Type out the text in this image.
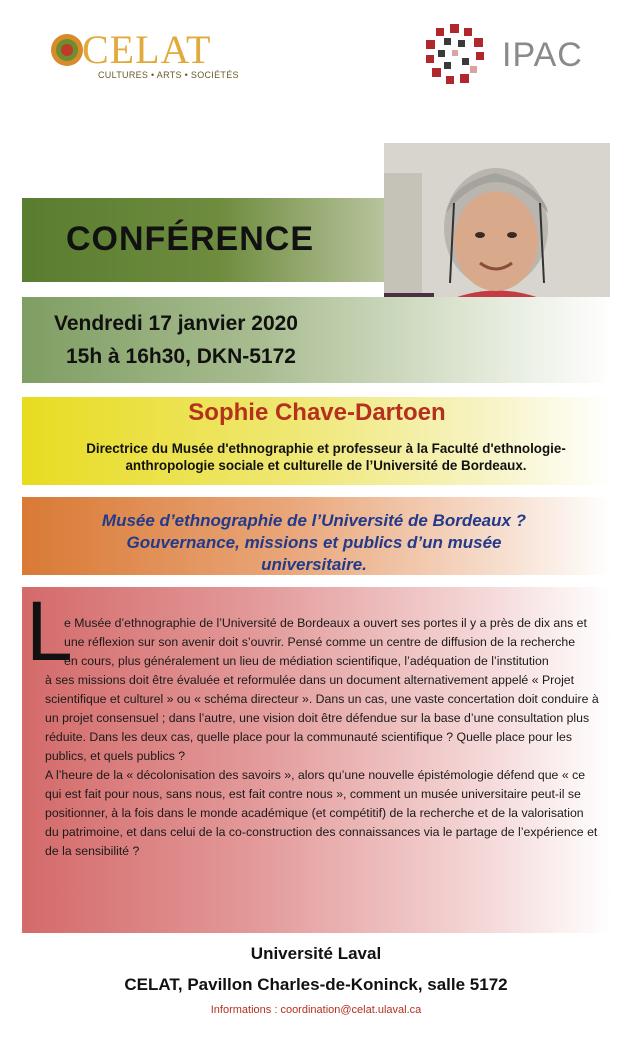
CELAT
CULTURES • ARTS • SOCIÉTÉS
IPAC
CONFÉRENCE
Vendredi 17 janvier 2020
15h à 16h30, DKN-5172
Sophie Chave-Dartoen
Directrice du Musée d'ethnographie et professeur à la Faculté d'ethnologie-
anthropologie sociale et culturelle de l’Université de Bordeaux.
Musée d’ethnographie de l’Université de Bordeaux ?
Gouvernance, missions et publics d’un musée
universitaire.
L
e Musée d’ethnographie de l’Université de Bordeaux a ouvert ses portes il y a près de dix ans et
une réflexion sur son avenir doit s’ouvrir. Pensé comme un centre de diffusion de la recherche
en cours, plus généralement un lieu de médiation scientifique, l’adéquation de l’institution
à ses missions doit être évaluée et reformulée dans un document alternativement appelé « Projet
scientifique et culturel » ou « schéma directeur ». Dans un cas, une vaste concertation doit conduire à
un projet consensuel ; dans l’autre, une vision doit être défendue sur la base d’une consultation plus
réduite. Dans les deux cas, quelle place pour la communauté scientifique ? Quelle place pour les
publics, et quels publics ?
A l’heure de la « décolonisation des savoirs », alors qu’une nouvelle épistémologie défend que « ce
qui est fait pour nous, sans nous, est fait contre nous », comment un musée universitaire peut-il se
positionner, à la fois dans le monde académique (et compétitif) de la recherche et de la valorisation
du patrimoine, et dans celui de la co-construction des connaissances via le partage de l’expérience et
de la sensibilité ?
Université Laval
CELAT, Pavillon Charles-de-Koninck, salle 5172
Informations : coordination@celat.ulaval.ca
